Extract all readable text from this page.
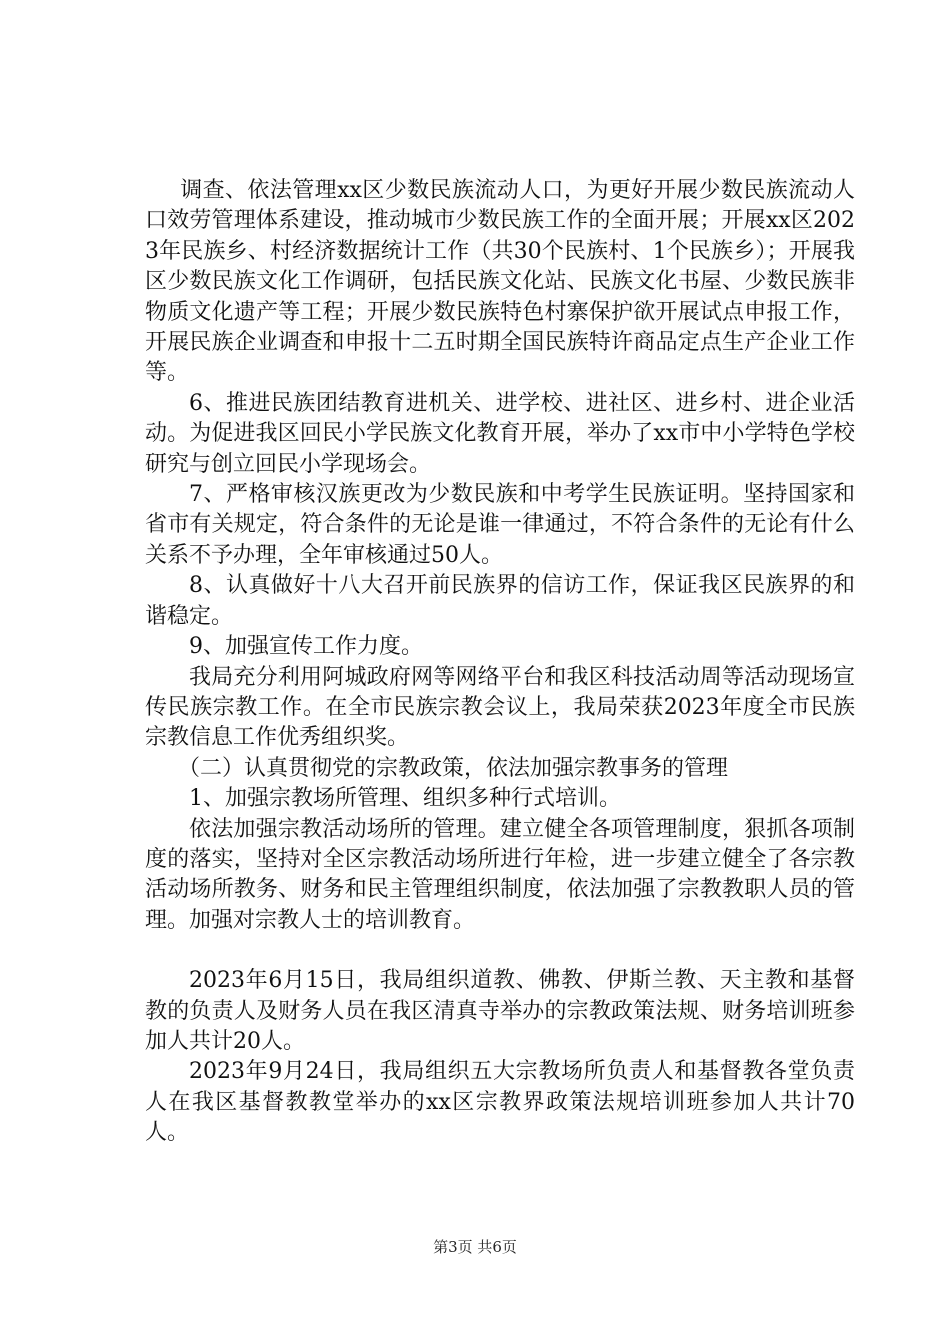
调查、依法管理xx区少数民族流动人口，为更好开展少数民族流动人口效劳管理体系建设，推动城市少数民族工作的全面开展；开展xx区2023年民族乡、村经济数据统计工作（共30个民族村、1个民族乡）；开展我区少数民族文化工作调研，包括民族文化站、民族文化书屋、少数民族非物质文化遗产等工程；开展少数民族特色村寨保护欲开展试点申报工作，开展民族企业调查和申报十二五时期全国民族特许商品定点生产企业工作等。

6、推进民族团结教育进机关、进学校、进社区、进乡村、进企业活动。为促进我区回民小学民族文化教育开展，举办了xx市中小学特色学校研究与创立回民小学现场会。

7、严格审核汉族更改为少数民族和中考学生民族证明。坚持国家和省市有关规定，符合条件的无论是谁一律通过，不符合条件的无论有什么关系不予办理，全年审核通过50人。

8、认真做好十八大召开前民族界的信访工作，保证我区民族界的和谐稳定。

9、加强宣传工作力度。

我局充分利用阿城政府网等网络平台和我区科技活动周等活动现场宣传民族宗教工作。在全市民族宗教会议上，我局荣获2023年度全市民族宗教信息工作优秀组织奖。

（二）认真贯彻党的宗教政策，依法加强宗教事务的管理

1、加强宗教场所管理、组织多种行式培训。

依法加强宗教活动场所的管理。建立健全各项管理制度，狠抓各项制度的落实，坚持对全区宗教活动场所进行年检，进一步建立健全了各宗教活动场所教务、财务和民主管理组织制度，依法加强了宗教教职人员的管理。加强对宗教人士的培训教育。

2023年6月15日，我局组织道教、佛教、伊斯兰教、天主教和基督教的负责人及财务人员在我区清真寺举办的宗教政策法规、财务培训班参加人共计20人。

2023年9月24日，我局组织五大宗教场所负责人和基督教各堂负责人在我区基督教教堂举办的xx区宗教界政策法规培训班参加人共计70人。

第3页 共6页
